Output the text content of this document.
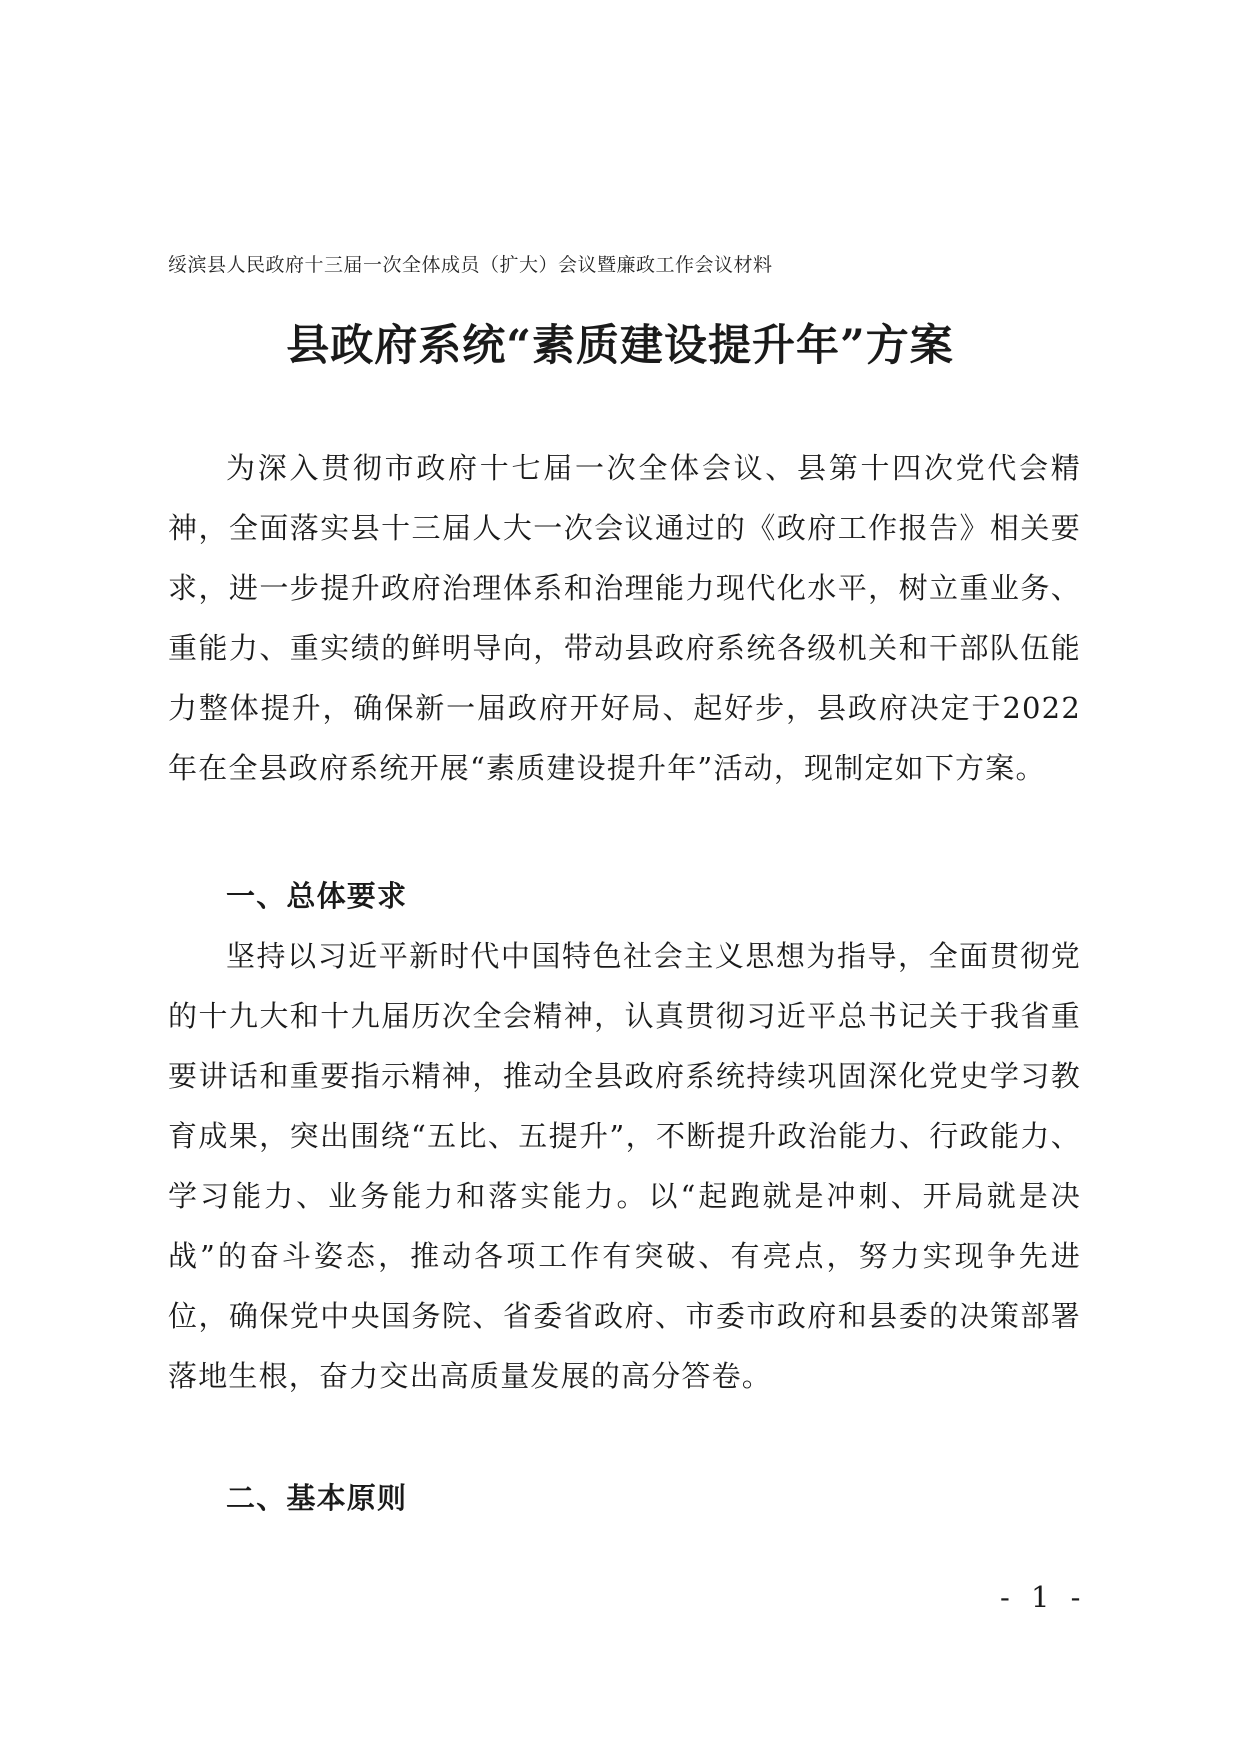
绥滨县人民政府十三届一次全体成员（扩大）会议暨廉政工作会议材料
县政府系统“素质建设提升年”方案

为深入贯彻市政府十七届一次全体会议、县第十四次党代会精神，全面落实县十三届人大一次会议通过的《政府工作报告》相关要求，进一步提升政府治理体系和治理能力现代化水平，树立重业务、重能力、重实绩的鲜明导向，带动县政府系统各级机关和干部队伍能力整体提升，确保新一届政府开好局、起好步，县政府决定于2022年在全县政府系统开展“素质建设提升年”活动，现制定如下方案。

一、总体要求

坚持以习近平新时代中国特色社会主义思想为指导，全面贯彻党的十九大和十九届历次全会精神，认真贯彻习近平总书记关于我省重要讲话和重要指示精神，推动全县政府系统持续巩固深化党史学习教育成果，突出围绕“五比、五提升”，不断提升政治能力、行政能力、学习能力、业务能力和落实能力。以“起跑就是冲刺、开局就是决战”的奋斗姿态，推动各项工作有突破、有亮点，努力实现争先进位，确保党中央国务院、省委省政府、市委市政府和县委的决策部署落地生根，奋力交出高质量发展的高分答卷。

二、基本原则

- 1 -
